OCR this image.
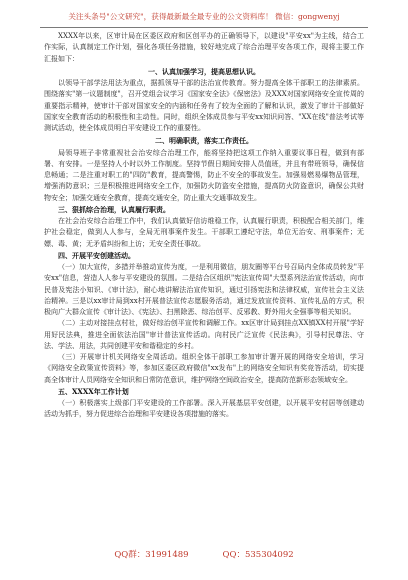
关注头条号"公文研究"，获得最新最全最专业的公文资料库！ 微信：gongwenyj

XXXX年以来，区审计局在区委区政府和区创平办的正确领导下，以建设"平安xx"为主线，结合工作实际，认真制定工作计划，强化各项任务措施，较好地完成了综合治理平安各项工作，现将主要工作汇报如下：

一、认真加强学习，提高思想认识。

以领导干部学法用法为重点，据抓领导干部的法治宣传教育。努力提高全体干部职工的法律素质。围绕落实"第一议题制度"，召开党组会议学习《国家安全法》《保密法》及XXX对国家网络安全宣传周的重要指示精神，使审计干部对国家安全的内涵和任务有了较为全面的了解和认识，激发了审计干部做好国家安全教育活动的积极性和主动性。同时，组织全体成员参与平安xx知识问答、"XX在线"普法考试等测试活动，使全体成员明白平安建设工作的重要性。

二、明确职责，落实工作责任。

局领导班子非常重视社会治安综合治理工作，能将坚持把这项工作纳入重要议事日程，做到有部署、有安排。一是坚持人小时以外工作制度。坚持节假日期间安排人员值班，并且有带班领导，确保信息畅通；二是注重对职工的"四防"教育，提高警惕，防止不安全的事故发生。加强易燃易爆物品管理，增强消防意识；三是积极推进网络安全工作，加强防火防盗安全措施，提高防火防盗意识，确保公共财物安全；加强交通安全教育，提高交通安全，防止重大交通事故发生。

三、狠抓综合治理，认真履行职责。

在社会治安综合治理工作中，我们认真做好信访维稳工作，认真履行职责，积极配合相关部门，维护社会稳定，做到人人参与，全局无刑事案件发生。干部职工遵纪守法，单位无治安、刑事案件；无嫖、毒、黄；无矛盾纠纷和上访；无安全责任事故。

四、开展平安创建活动。

（一）加大宣传，多措并举推动宣传为度，一是利用微信，朋友圈等平台号召局内全体成员转发"平安xx"信息，营造人人参与平安建设的氛围。二是结合区组织"宪法宣传周"大型系列法治宣传活动，向市民普及宪法小知识、《审计法》，耐心地讲解法治宣传知识，通过引扬宪法和法律权威，宣传社会主义法治精神。三是以xx审计局到xx村开展普法宣传志愿服务活动，通过发放宣传资料、宣传礼品的方式，积极向广大群众宣传《审计法》、《宪法》、扫黑除恶、综治创平、反邪教、野外用火全强事等相关知识。

（二）主动对接挂点村社，做好综治创平宣传和调解工作。xx区审计局到挂点XX镇XX村开展"学好用好民法典，推进全面依法治国"审计普法宣传活动。向村民广泛宣传《民法典》，引导村民尊法、守法、学法、用法，共同创建平安和谐稳定的乡村。

（三）开展审计机关网络安全周活动。组织全体干部职工参加审计署开展的网络安全培训，学习《网络安全政策宣传资料》等，参加区委区政府微信"xx发布"上的网络安全知识有奖竞答活动，切实提高全体审计人员网络安全知识和日常防范意识，维护网络空间政治安全，提高防范新形态领域安全。

五、XXXX年工作计划

（一）积极落实上级部门平安建设的工作部署。深入开展基层平安创建，以开展平安村居等创建动活动为抓手，努力促进综合治理和平安建设各项措施的落实。

QQ群：31991489	QQ：535304092
